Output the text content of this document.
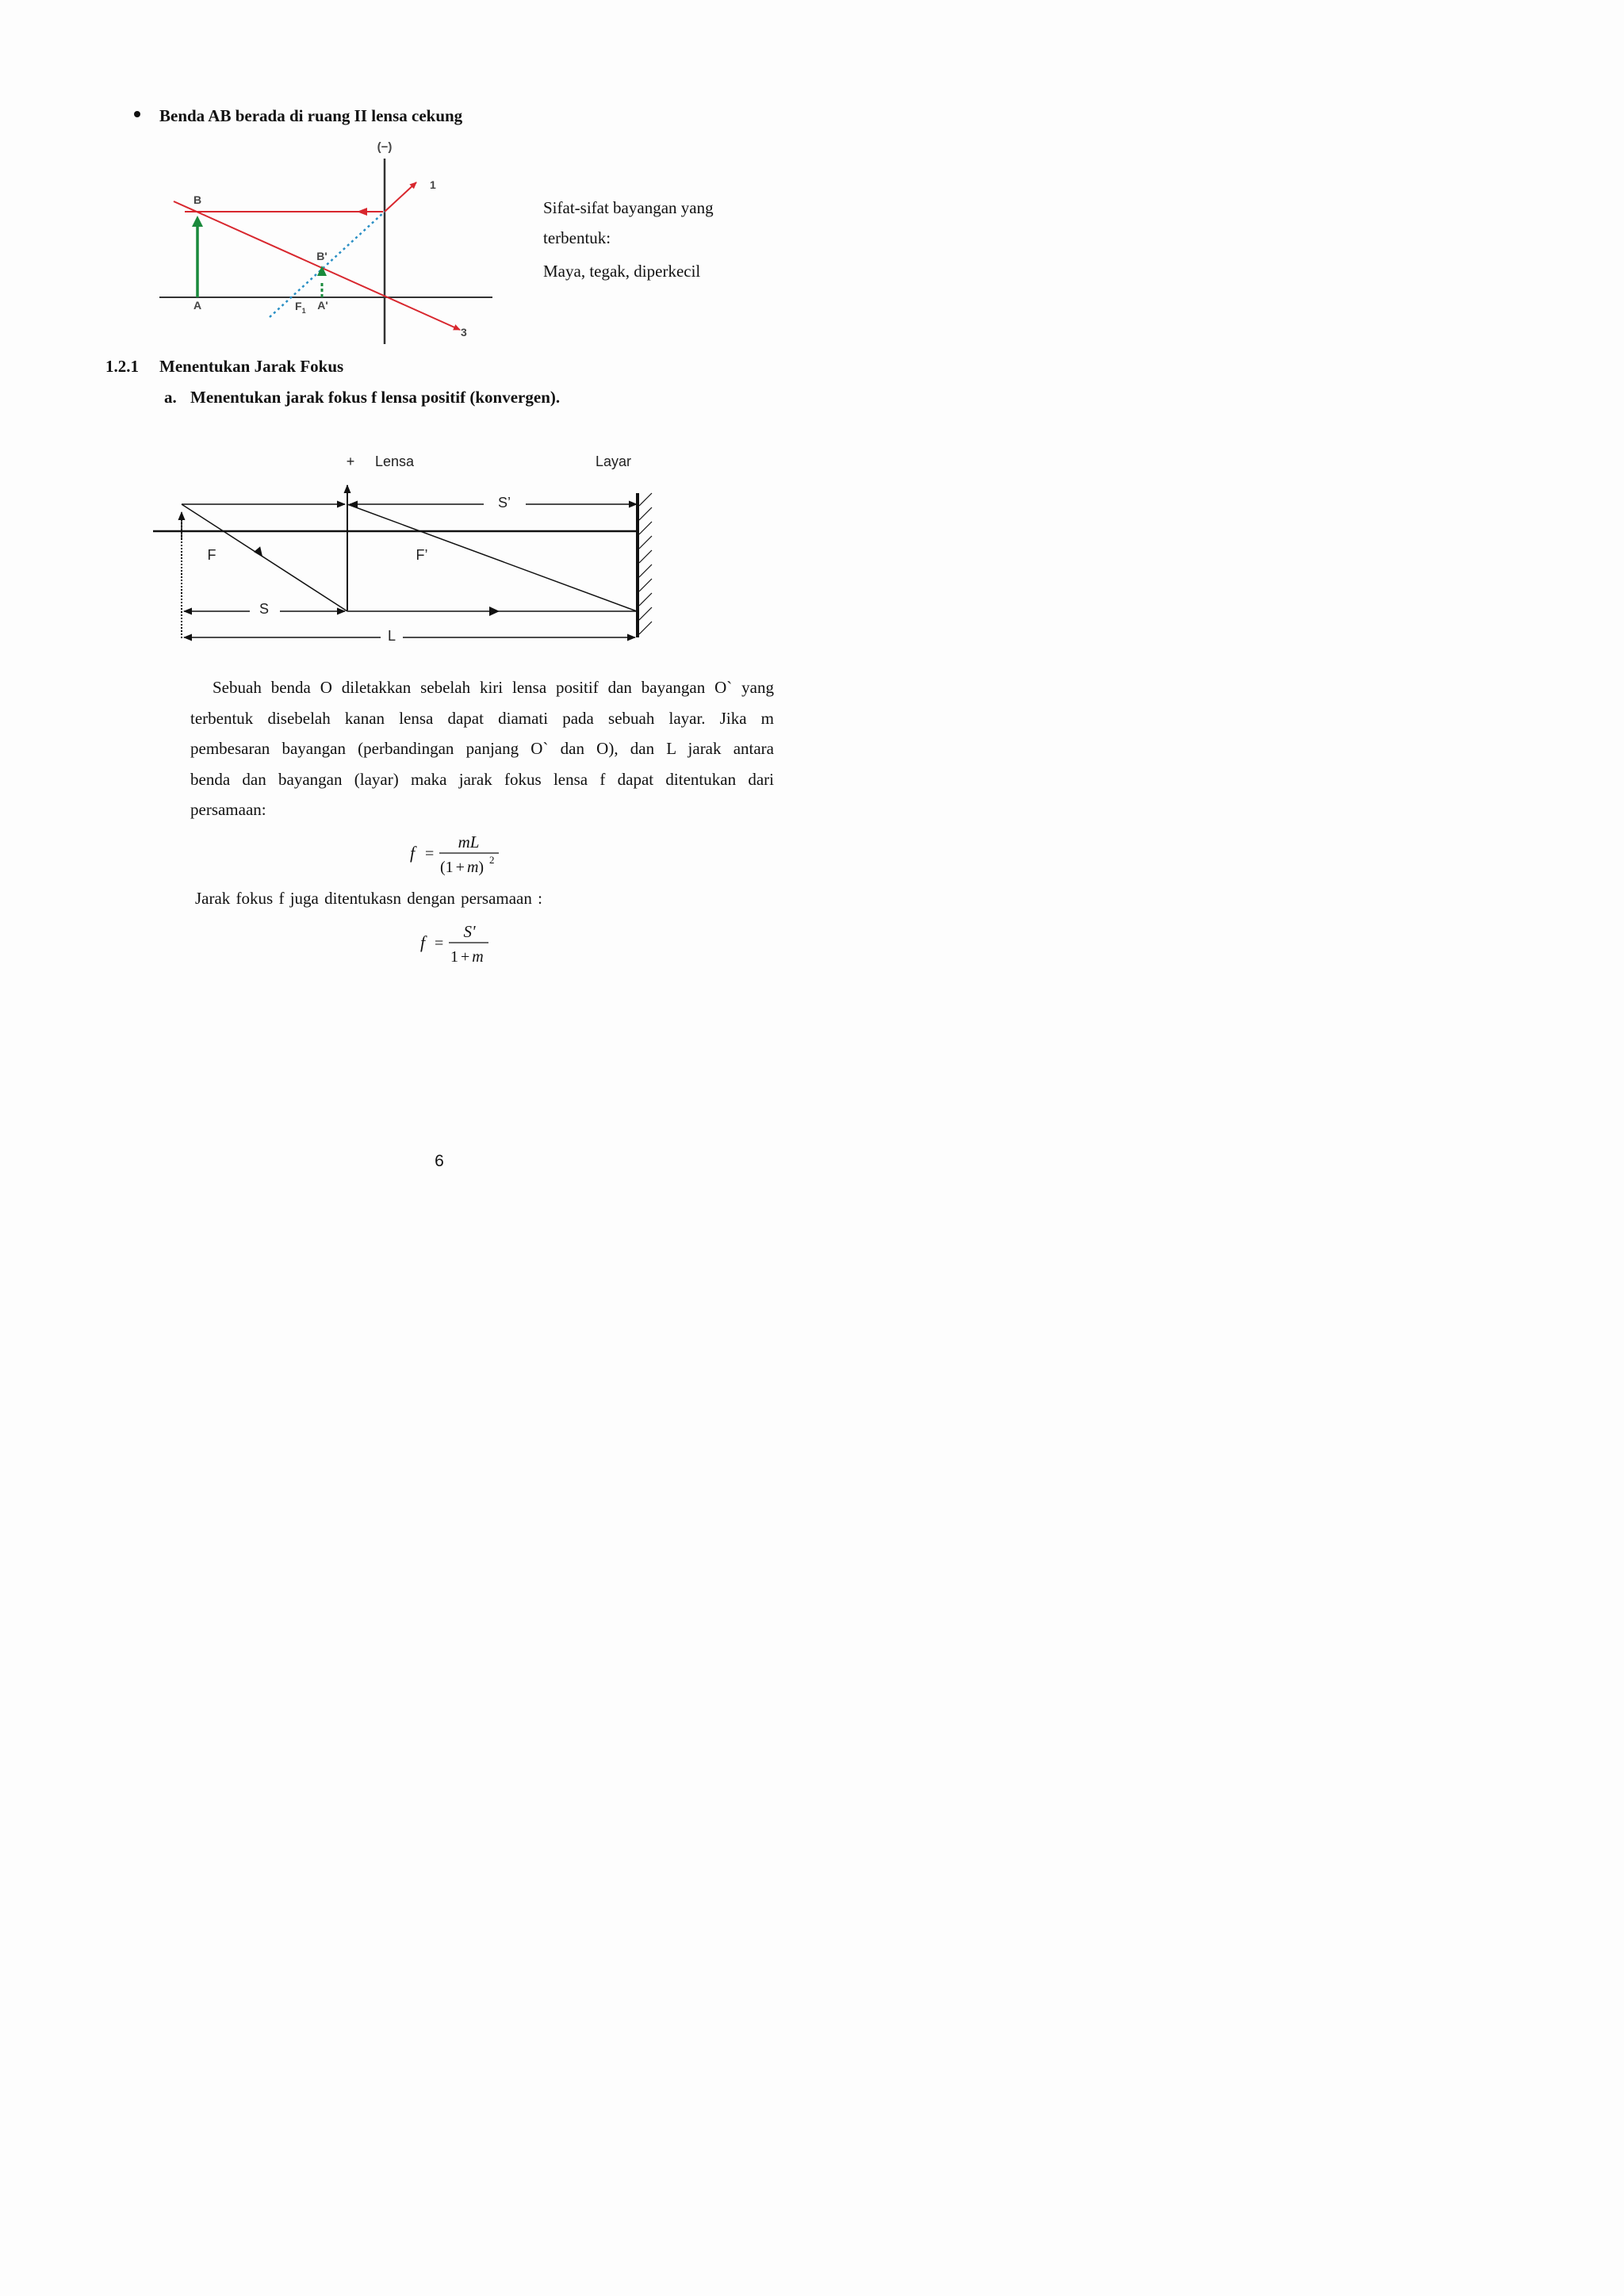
Benda AB berada di ruang II lensa cekung
(−)
B
B'
A	$F_1$ A'
1
3
Sifat-sifat bayangan yang
terbentuk:
Maya, tegak, diperkecil
1.2.1 Menentukan Jarak Fokus
a. Menentukan jarak fokus f lensa positif (konvergen).
+ Lensa	Layar
S’
F	F’
S
L
Sebuah benda O diletakkan sebelah kiri lensa positif dan bayangan O` yang
terbentuk disebelah kanan lensa dapat diamati pada sebuah layar. Jika m
pembesaran bayangan (perbandingan panjang O` dan O), dan L jarak antara
benda dan bayangan (layar) maka jarak fokus lensa f dapat ditentukan dari
persamaan:
f =
mL
(1 + m) 2
Jarak fokus f juga ditentukasn dengan persamaan :
f =
S'
1 + m
6
